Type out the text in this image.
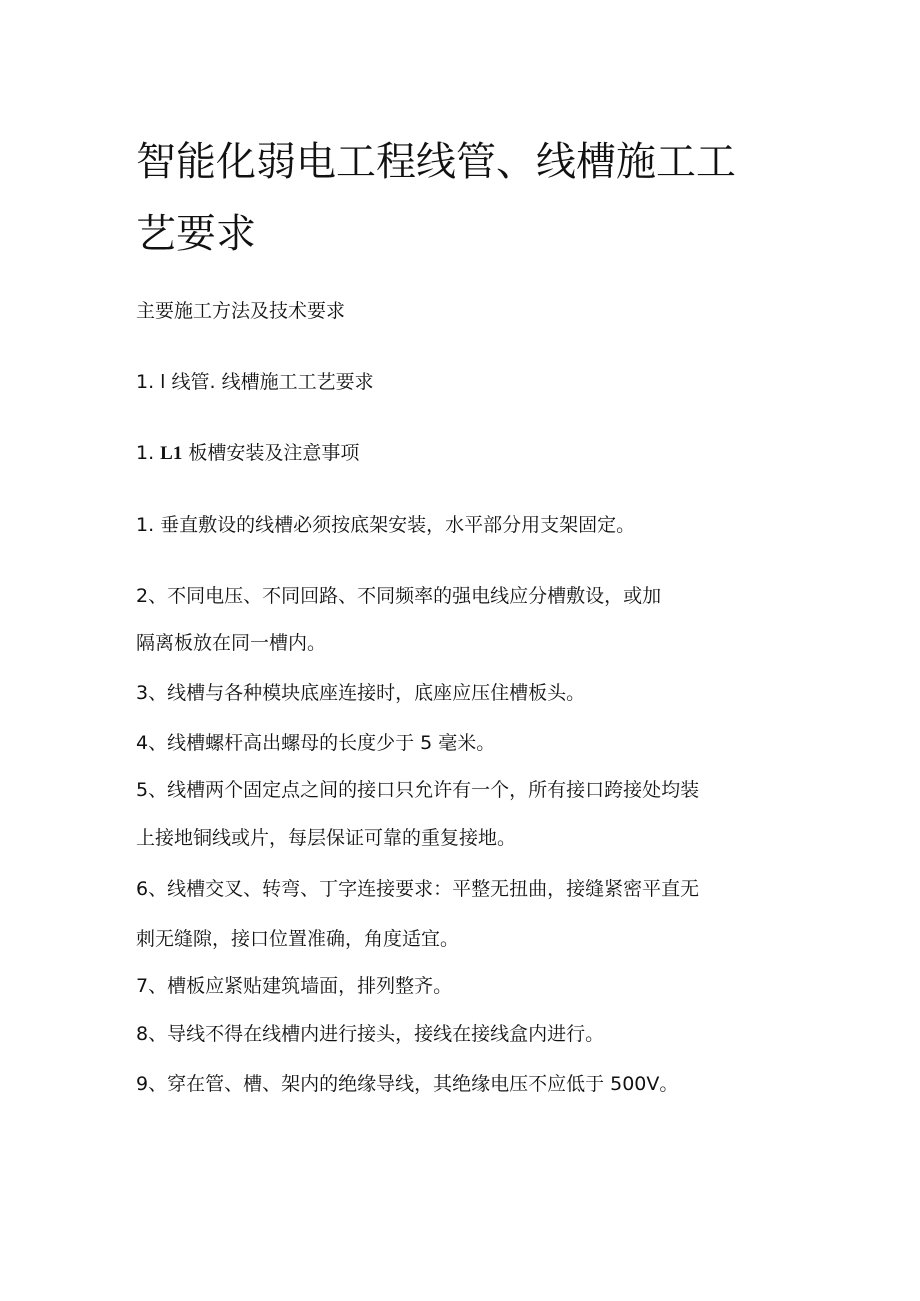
智能化弱电工程线管、线槽施工工
艺要求

主要施工方法及技术要求

1. l 线管. 线槽施工工艺要求

1. L1 板槽安装及注意事项

1. 垂直敷设的线槽必须按底架安装，水平部分用支架固定。

2、不同电压、不同回路、不同频率的强电线应分槽敷设，或加

隔离板放在同一槽内。

3、线槽与各种模块底座连接时，底座应压住槽板头。

4、线槽螺杆高出螺母的长度少于 5 毫米。

5、线槽两个固定点之间的接口只允许有一个，所有接口跨接处均装

上接地铜线或片，每层保证可靠的重复接地。

6、线槽交叉、转弯、丁字连接要求：平整无扭曲，接缝紧密平直无

刺无缝隙，接口位置准确，角度适宜。

7、槽板应紧贴建筑墙面，排列整齐。

8、导线不得在线槽内进行接头，接线在接线盒内进行。

9、穿在管、槽、架内的绝缘导线，其绝缘电压不应低于 500V。
